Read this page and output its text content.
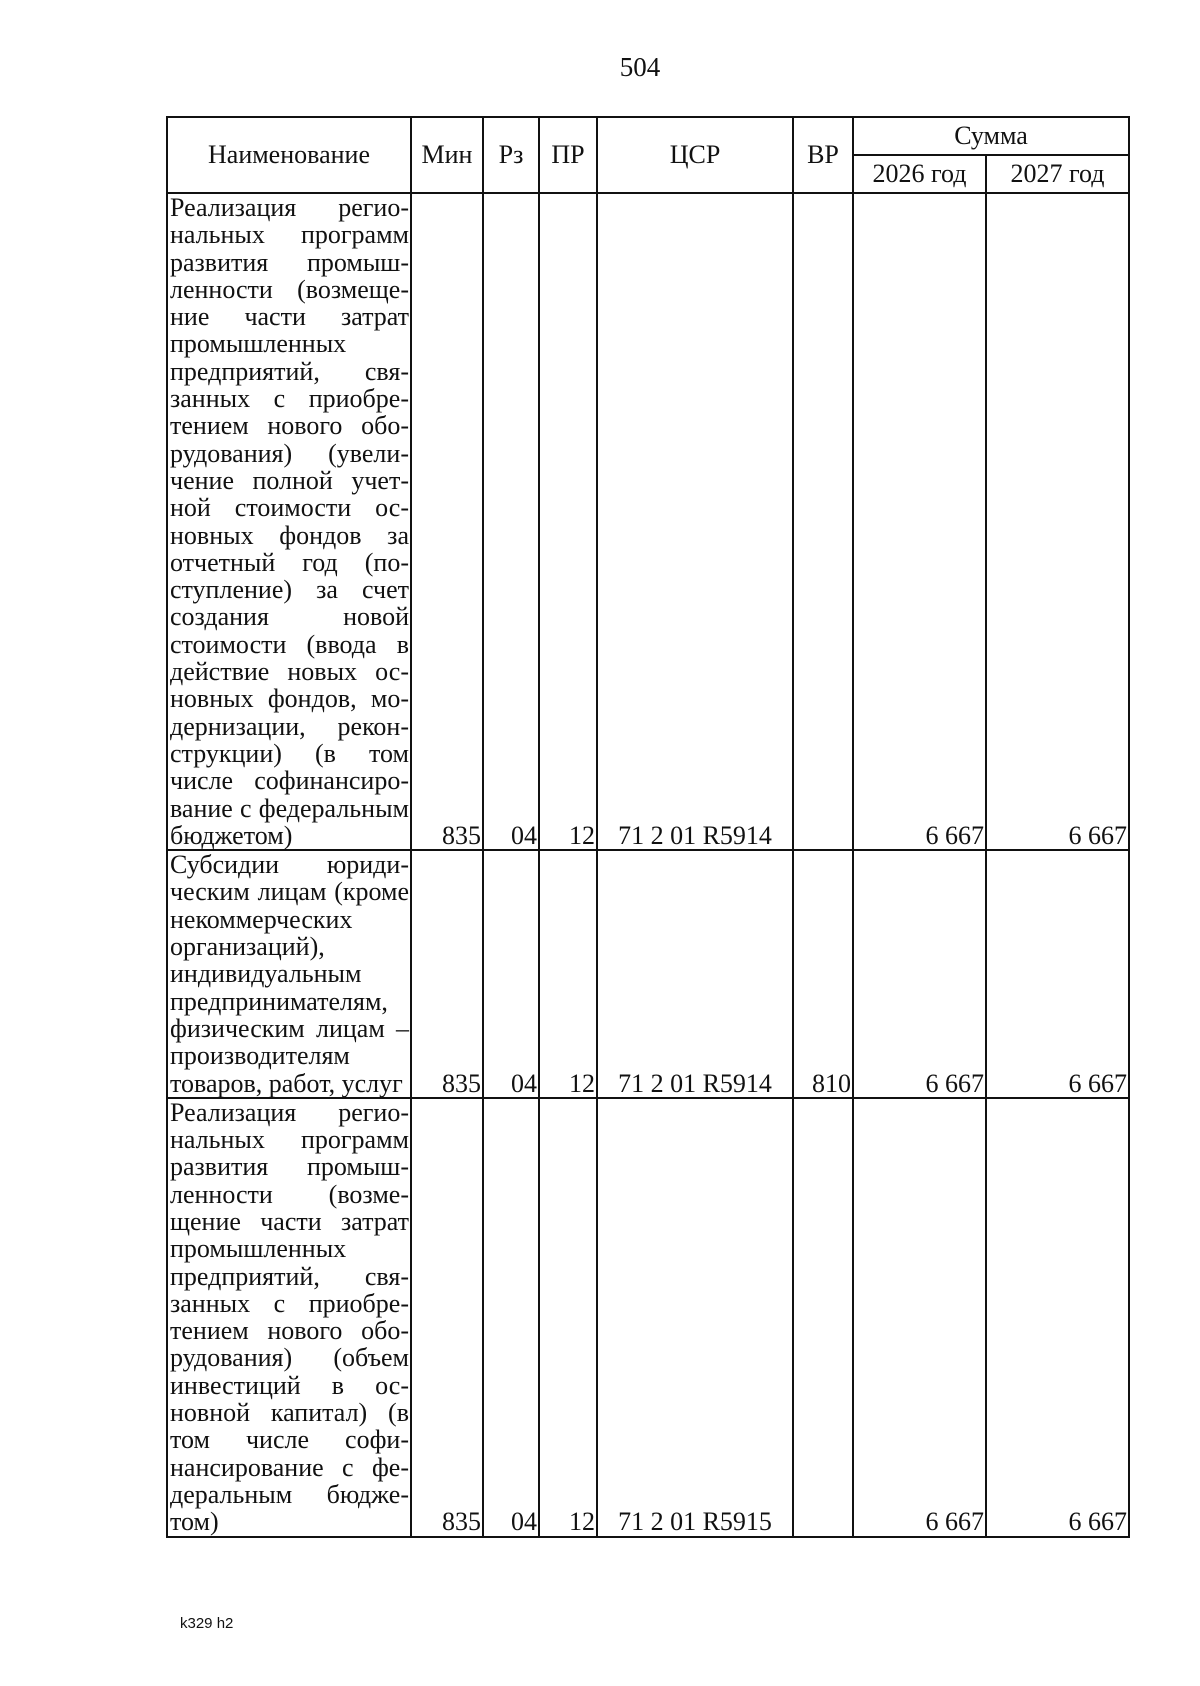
504
Наименование	Мин	Рз	ПР	ЦСР	ВР	Сумма	
						2026 год	2027 год
Реализация региональных программ развития промышленности (возмещение части затрат промышленных предприятий, связанных с приобретением нового оборудования) (увеличение полной учетной стоимости основных фондов за отчетный год (поступление) за счет создания новой стоимости (ввода в действие новых основных фондов, модернизации, реконструкции) (в том числе софинансирование с федеральным бюджетом)	835	04	12	71 2 01 R5914		6 667	6 667
Субсидии юридическим лицам (кроме некоммерческих организаций), индивидуальным предпринимателям, физическим лицам – производителям товаров, работ, услуг	835	04	12	71 2 01 R5914	810	6 667	6 667
Реализация региональных программ развития промышленности (возмещение части затрат промышленных предприятий, связанных с приобретением нового оборудования) (объем инвестиций в основной капитал) (в том числе софинансирование с федеральным бюджетом)	835	04	12	71 2 01 R5915		6 667	6 667
k329 h2
